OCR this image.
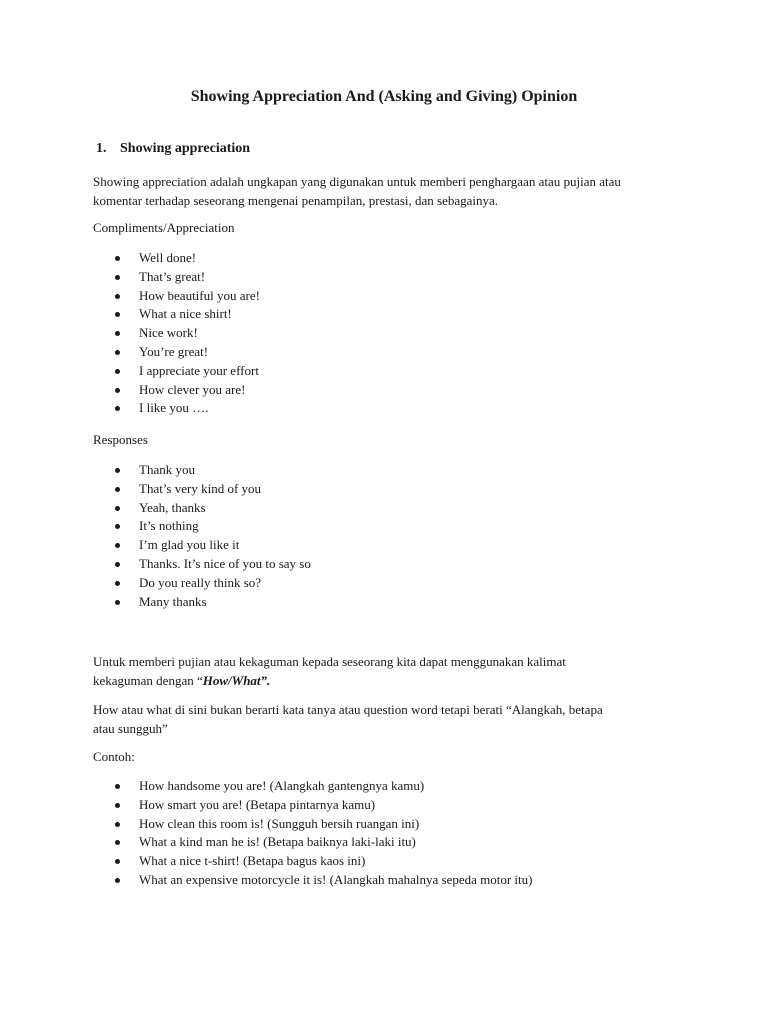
Showing Appreciation And (Asking and Giving) Opinion
1. Showing appreciation
Showing appreciation adalah ungkapan yang digunakan untuk memberi penghargaan atau pujian atau
komentar terhadap seseorang mengenai penampilan, prestasi, dan sebagainya.
Compliments/Appreciation
Well done!
That’s great!
How beautiful you are!
What a nice shirt!
Nice work!
You’re great!
I appreciate your effort
How clever you are!
I like you ….
Responses
Thank you
That’s very kind of you
Yeah, thanks
It’s nothing
I’m glad you like it
Thanks. It’s nice of you to say so
Do you really think so?
Many thanks
Untuk memberi pujian atau kekaguman kepada seseorang kita dapat menggunakan kalimat
kekaguman dengan “How/What”.
How atau what di sini bukan berarti kata tanya atau question word tetapi berati “Alangkah, betapa
atau sungguh”
Contoh:
How handsome you are! (Alangkah gantengnya kamu)
How smart you are! (Betapa pintarnya kamu)
How clean this room is! (Sungguh bersih ruangan ini)
What a kind man he is! (Betapa baiknya laki-laki itu)
What a nice t-shirt! (Betapa bagus kaos ini)
What an expensive motorcycle it is! (Alangkah mahalnya sepeda motor itu)
